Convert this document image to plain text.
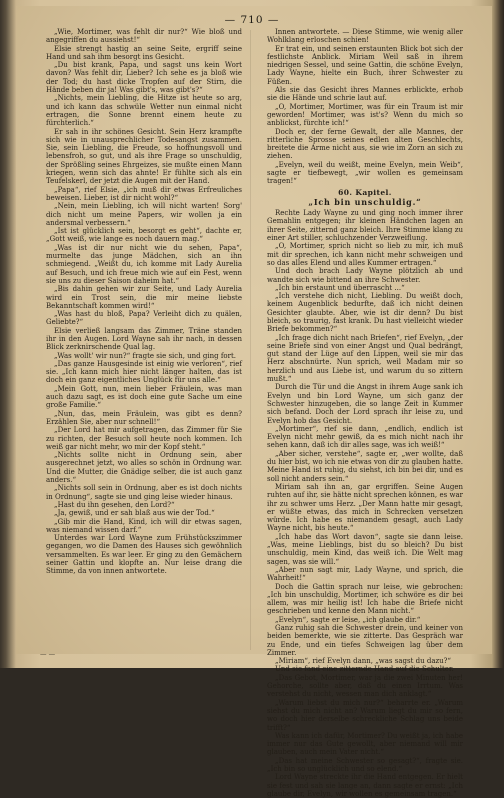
— 710 —

„Wie, Mortimer, was fehlt dir nur?“ Wie bloß und angegriffen du aussiehst!“

Elsie strengt hastig an seine Seite, ergriff seine Hand und sah ihm besorgt ins Gesicht.

„Du bist krank, Papa, und sagst uns kein Wort davon? Was fehlt dir, Lieber? Ich sehe es ja bloß wie der Tod; du hast dicke Tropfen auf der Stirn, die Hände beben dir ja! Was gibt's, was gibt's?“

„Nichts, mein Liebling, die Hitze ist heute so arg, und ich kann das schwüle Wetter nun einmal nicht ertragen, die Sonne brennt einem heute zu fürchterlich.“

Er sah in ihr schönes Gesicht. Sein Herz krampfte sich wie in unausprechlicher Todesangst zusammen. Sie, sein Liebling, die Freude, so hoffnungsvoll und lebensfroh, so gut, und als ihre Frage so unschuldig, der Sprößling seines Ehrgeizes, sie mußte einen Mann kriegen, wenn sich das ahnte! Er fühlte sich als ein Teufelskerl, der jetzt die Augen mit der Hand.

„Papa“, rief Elsie, „ich muß dir etwas Erfreuliches beweisen. Lieber, ist dir nicht wohl?“

„Nein, mein Liebling, ich will nicht warten! Sorg' dich nicht um meine Papers, wir wollen ja ein andersmal verbessern.“

„Ist ist glücklich sein, besorgt es geht“, dachte er, „Gott weiß, wie lange es noch dauern mag.“

„Was ist dir nur nicht wie du sehen, Papa“, murmelte das junge Mädchen, sich an ihn schmiegend. „Weißt du, ich komme mit Lady Aurelia auf Besuch, und ich freue mich wie auf ein Fest, wenn sie uns zu dieser Saison daheim hat.“

„Bis dahin gehen wir zur Seite, und Lady Aurelia wird ein Trost sein, die mir meine liebste Bekanntschaft kommen wird!“

„Was hast du bloß, Papa? Verleiht dich zu quälen, Geliebte?“

Elsie verließ langsam das Zimmer, Träne standen ihr in den Augen. Lord Wayne sah ihr nach, in dessen Blick zerknirschende Qual lag.

„Was wollt' wir nun?“ fragte sie sich, und ging fort.

„Das ganze Hausgesinde ist einig wie verloren“, rief sie. „Ich kann mich hier nicht länger halten, das ist doch ein ganz eigentliches Unglück für uns alle.“

„Mein Gott, nun, mein lieber Fräulein, was man auch dazu sagt, es ist doch eine gute Sache um eine große Familie.“

„Nun, das, mein Fräulein, was gibt es denn? Erzählen Sie, aber nur schnell!“

„Der Lord hat mir aufgetragen, das Zimmer für Sie zu richten, der Besuch soll heute noch kommen. Ich weiß gar nicht mehr, wo mir der Kopf steht.“

„Nichts sollte nicht in Ordnung sein, aber ausgerechnet jetzt, wo alles so schön in Ordnung war. Und die Mutter, die Gnädige selber, die ist auch ganz anders.“

„Nichts soll sein in Ordnung, aber es ist doch nichts in Ordnung“, sagte sie und ging leise wieder hinaus.

„Hast du ihn gesehen, den Lord?“

„Ja, gewiß, und er sah blaß aus wie der Tod.“

„Gib mir die Hand, Kind, ich will dir etwas sagen, was niemand wissen darf.“

Unterdes war Lord Wayne zum Frühstückszimmer gegangen, wo die Damen des Hauses sich gewöhnlich versammelten. Es war leer. Er ging zu den Gemächern seiner Gattin und klopfte an. Nur leise drang die Stimme, da von innen antwortete.

Innen antwortete. — Diese Stimme, wie wenig aller Wohlklang erloschen schien!

Er trat ein, und seinen erstaunten Blick bot sich der festlichste Anblick. Miriam Weil saß in ihrem niedrigen Sessel, und seine Gattin, die schöne Evelyn, Lady Wayne, hielte ein Buch, ihrer Schwester zu Füßen.

Als sie das Gesicht ihres Mannes erblickte, erhob sie die Hände und schrie laut auf.

„O, Mortimer, Mortimer, was für ein Traum ist mir geworden! Mortimer, was ist's? Wenn du mich so anblickst, fürchte ich!“

Doch er, der ferne Gewalt, der alle Mannes, der ritterliche Sprosse seines edlen alten Geschlechts, breitete die Arme nicht aus, sie wie im Zorn an sich zu ziehen.

„Evelyn, weil du weißt, meine Evelyn, mein Weib“, sagte er tiefbewegt, „wir wollen es gemeinsam tragen!“

60. Kapitel.
„Ich bin unschuldig.“

Rechte Lady Wayne zu und ging noch immer ihrer Gemahlin entgegen; ihr kleinen Händchen lagen an ihrer Seite, zitternd ganz bleich. Ihre Stimme klang zu einer Art stiller, schluchzender Verzweiflung.

„O, Mortimer, sprich nicht so lieb zu mir, ich muß mit dir sprechen, ich kann nicht mehr schweigen und so das alles Elend und alles Kummer ertragen.“

Und doch brach Lady Wayne plötzlich ab und wandte sich wie bittend an ihre Schwester.

„Ich bin erstaunt und überrascht ...“

„Ich verstehe dich nicht, Liebling. Du weißt doch, keinem Augenblick bedurfte, daß ich nicht deinen Gesichter glaubte. Aber, wie ist dir denn? Du bist bleich, so traurig, fast krank. Du hast vielleicht wieder Briefe bekommen?“

„Ich frage dich nicht nach Briefen“, rief Evelyn, „der seine Briefe sind von einer Angst und Qual bedrängt, gut stand der Lüge auf den Lippen, weil sie mir das Herz abschnürte. Nun sprich, weil Madam mir so herzlich und aus Liebe ist, und warum du so zittern mußt.“

Durch die Tür und die Angst in ihrem Auge sank ich Evelyn und bin Lord Wayne, um sich ganz der Schwester hinzugeben, die so lange Zeit in Kummer sich befand. Doch der Lord sprach ihr leise zu, und Evelyn hob das Gesicht.

„Mortimer“, rief sie dann, „endlich, endlich ist Evelyn nicht mehr gewiß, da es mich nicht nach ihr sehen kann, daß ich dir alles sage, was ich weiß!“

„Aber sicher, verstehe“, sagte er, „wer wollte, daß du hier bist, wo ich nie etwas von dir zu glauben hatte. Meine Hand ist ruhig, du siehst, ich bin bei dir, und es soll nicht anders sein.“

Miriam sah ihn an, gar ergriffen. Seine Augen ruhten auf ihr, sie hätte nicht sprechen können, es war ihr zu schwer ums Herz. „Der Mann hatte mir gesagt, er wüßte etwas, das mich in Schrecken versetzen würde. Ich habe es niemandem gesagt, auch Lady Wayne nicht, bis heute.“

„Ich habe das Wort davon“, sagte sie dann leise. „Was, meine Lieblings, bist du so bleich? Du bist unschuldig, mein Kind, das weiß ich. Die Welt mag sagen, was sie will.“

„Aber nun sagt mir, Lady Wayne, und sprich, die Wahrheit!“

Doch die Gattin sprach nur leise, wie gebrochen: „Ich bin unschuldig, Mortimer, ich schwöre es dir bei allem, was mir heilig ist! Ich habe die Briefe nicht geschrieben und kenne den Mann nicht.“

„Evelyn“, sagte er leise, „ich glaube dir.“

Ganz ruhig sah die Schwester drein, und keiner von beiden bemerkte, wie sie zitterte. Das Gespräch war zu Ende, und ein tiefes Schweigen lag über dem Zimmer.

„Miriam“, rief Evelyn dann, „was sagst du dazu?“

Und sie fand eine zitternde Hand auf die Schulter.

„Das Gebot, Mortimer, war ja die zwei Minuten her! Gehorche, sollte aber, daß du einen Irrtum. Was verstehst du nicht, wessen man dich anklagt.“

„Warum liebst du mich nur?“ beharrte er. „Warum siehst du mich nicht an? Warum liegt du mir so fern, wo doch hier derselbe schreckliche Schlag uns beide trifft?“

Was kann ich dafür, Mortimer? Du weißt ja, ich habe immer nur das Gute gewollt, aber niemand will mir glauben, auch mein Vater nicht.“

„Das hat meine Schwester so gesagt?“, fragte sie. „Ich bin so unglücklich und so elend.“

Lord Wayne streckte ihr die Hand entgegen. Er hielt sie fest und sah sie lange an, dann sagte er ernst: „Ich glaube dir, Evelyn, wir wollen es gemeinsam tragen.“

— —
